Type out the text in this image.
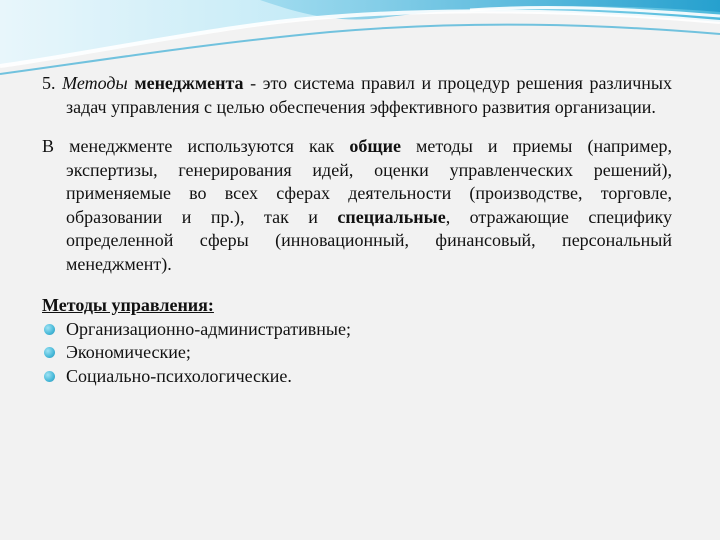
5. Методы менеджмента - это система правил и процедур решения различных задач управления с целью обеспечения эффективного развития организации.

В менеджменте используются как общие методы и приемы (например, экспертизы, генерирования идей, оценки управленческих решений), применяемые во всех сферах деятельности (производстве, торговле, образовании и пр.), так и специальные, отражающие специфику определенной сферы (инновационный, финансовый, персональный менеджмент).

Методы управления:

Организационно-административные;
Экономические;
Социально-психологические.
